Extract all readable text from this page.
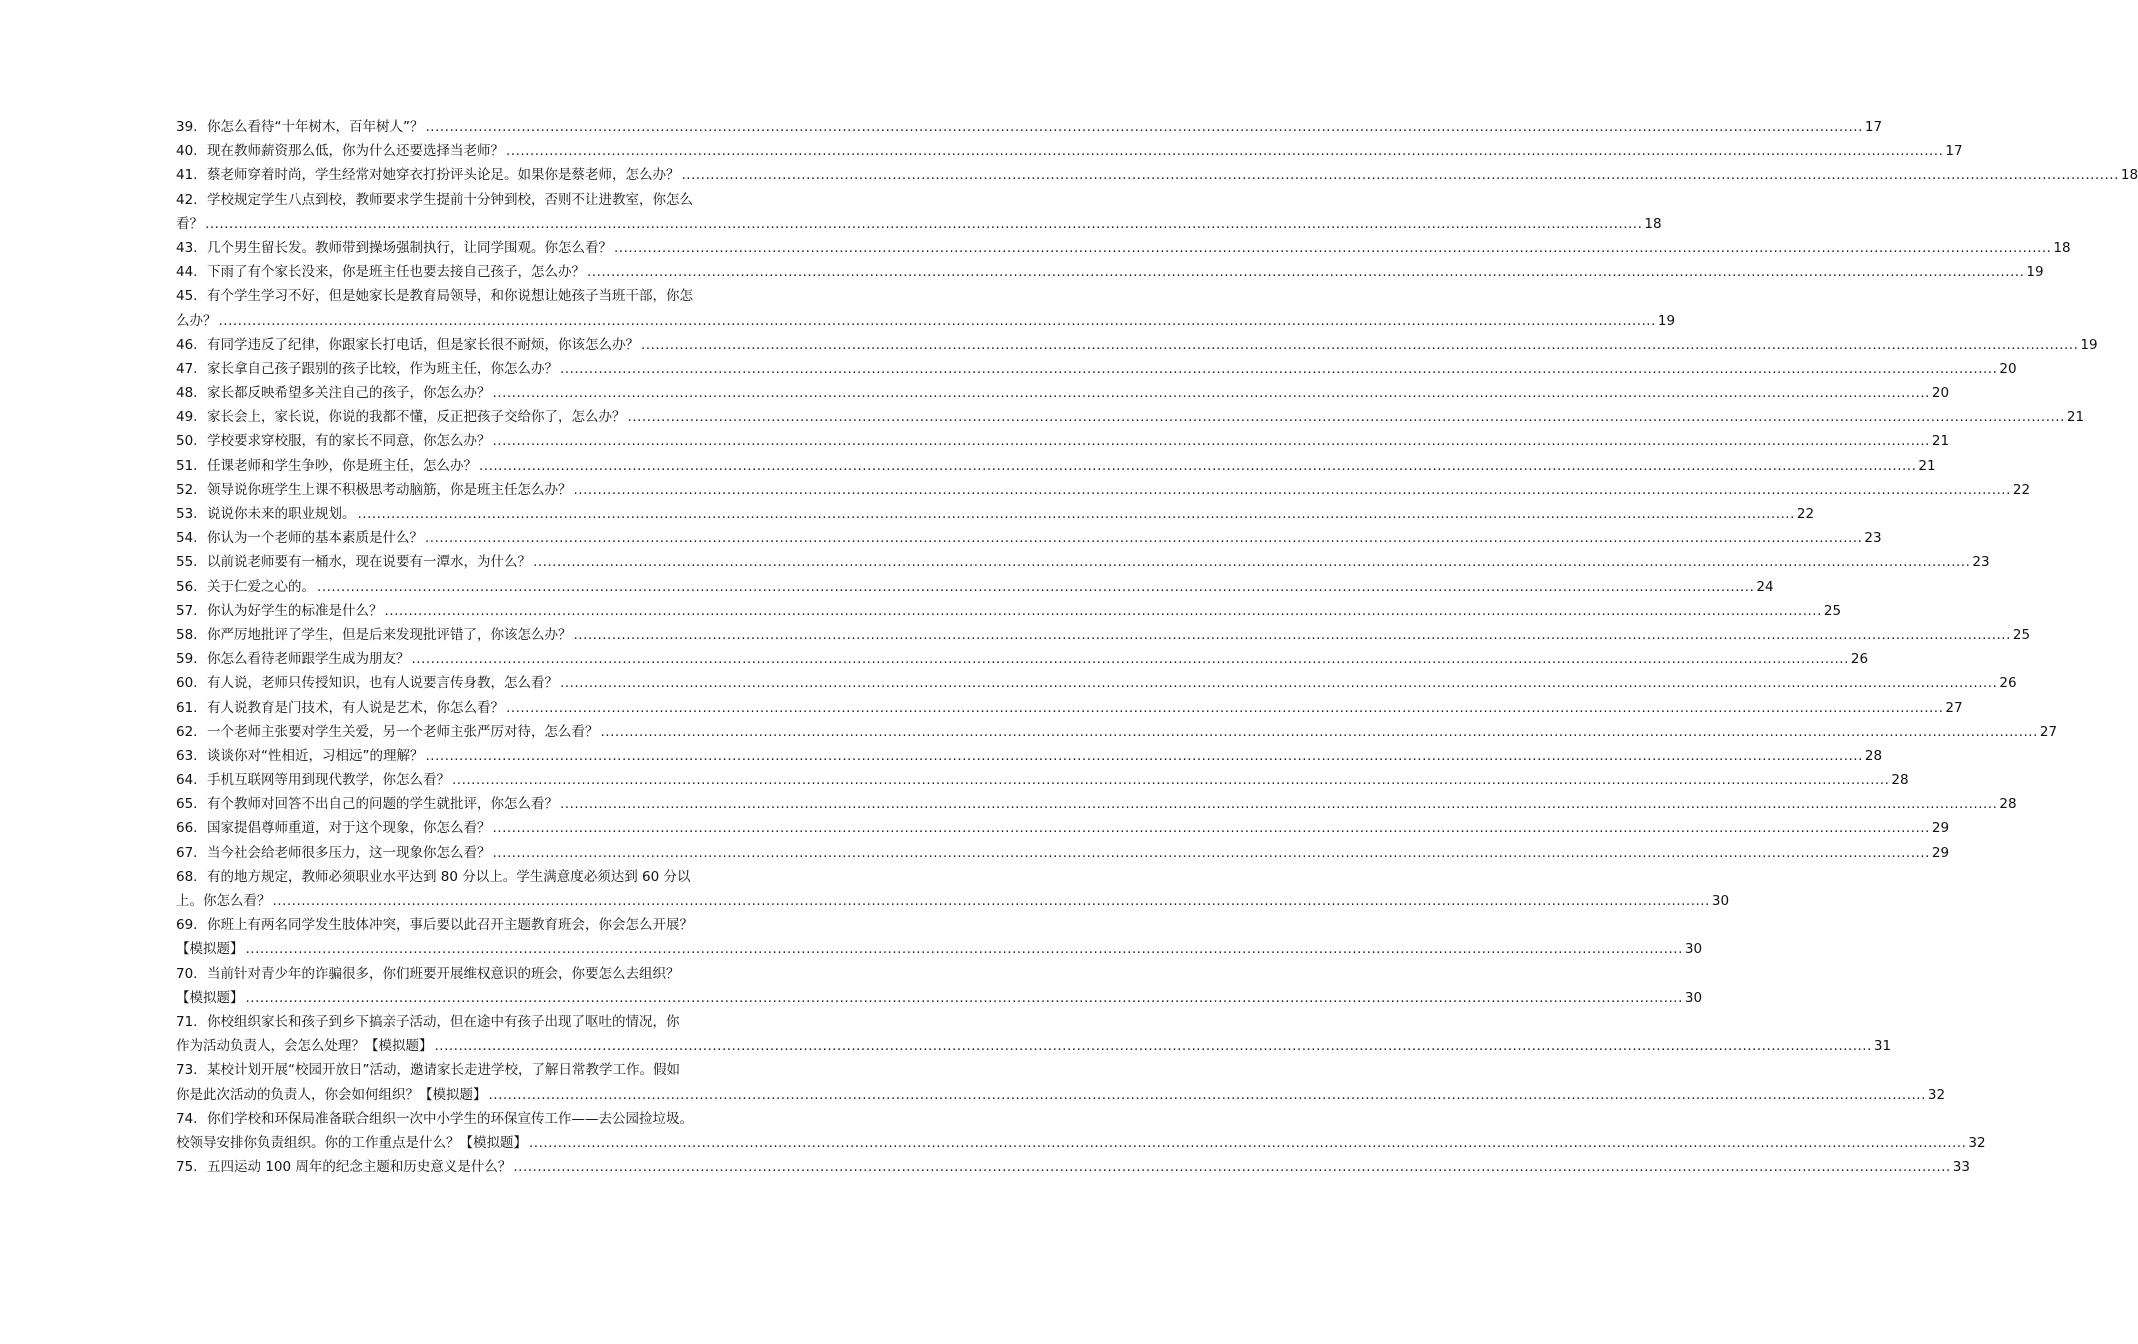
39. 你怎么看待“十年树木，百年树人”？ ............................................................................................................................................................................................................................................................................................................ 17
40. 现在教师薪资那么低，你为什么还要选择当老师？ ............................................................................................................................................................................................................................................................................................................ 17
41. 蔡老师穿着时尚，学生经常对她穿衣打扮评头论足。如果你是蔡老师，怎么办？ ............................................................................................................................................................................................................................................................................................................ 18
42. 学校规定学生八点到校，教师要求学生提前十分钟到校，否则不让进教室，你怎么
看？ ............................................................................................................................................................................................................................................................................................................ 18
43. 几个男生留长发。教师带到操场强制执行，让同学围观。你怎么看？ ............................................................................................................................................................................................................................................................................................................ 18
44. 下雨了有个家长没来，你是班主任也要去接自己孩子，怎么办？ ............................................................................................................................................................................................................................................................................................................ 19
45. 有个学生学习不好，但是她家长是教育局领导，和你说想让她孩子当班干部，你怎
么办？ ............................................................................................................................................................................................................................................................................................................ 19
46. 有同学违反了纪律，你跟家长打电话，但是家长很不耐烦，你该怎么办？ ............................................................................................................................................................................................................................................................................................................ 19
47. 家长拿自己孩子跟别的孩子比较，作为班主任，你怎么办？ ............................................................................................................................................................................................................................................................................................................ 20
48. 家长都反映希望多关注自己的孩子，你怎么办？ ............................................................................................................................................................................................................................................................................................................ 20
49. 家长会上，家长说，你说的我都不懂，反正把孩子交给你了，怎么办？ ............................................................................................................................................................................................................................................................................................................ 21
50. 学校要求穿校服，有的家长不同意，你怎么办？ ............................................................................................................................................................................................................................................................................................................ 21
51. 任课老师和学生争吵，你是班主任，怎么办？ ............................................................................................................................................................................................................................................................................................................ 21
52. 领导说你班学生上课不积极思考动脑筋，你是班主任怎么办？ ............................................................................................................................................................................................................................................................................................................ 22
53. 说说你未来的职业规划。 ............................................................................................................................................................................................................................................................................................................ 22
54. 你认为一个老师的基本素质是什么？ ............................................................................................................................................................................................................................................................................................................ 23
55. 以前说老师要有一桶水，现在说要有一潭水，为什么？ ............................................................................................................................................................................................................................................................................................................ 23
56. 关于仁爱之心的。 ............................................................................................................................................................................................................................................................................................................ 24
57. 你认为好学生的标准是什么？ ............................................................................................................................................................................................................................................................................................................ 25
58. 你严厉地批评了学生，但是后来发现批评错了，你该怎么办？ ............................................................................................................................................................................................................................................................................................................ 25
59. 你怎么看待老师跟学生成为朋友？ ............................................................................................................................................................................................................................................................................................................ 26
60. 有人说，老师只传授知识，也有人说要言传身教，怎么看？ ............................................................................................................................................................................................................................................................................................................ 26
61. 有人说教育是门技术，有人说是艺术，你怎么看？ ............................................................................................................................................................................................................................................................................................................ 27
62. 一个老师主张要对学生关爱，另一个老师主张严厉对待，怎么看？ ............................................................................................................................................................................................................................................................................................................ 27
63. 谈谈你对“性相近，习相远”的理解？ ............................................................................................................................................................................................................................................................................................................ 28
64. 手机互联网等用到现代教学，你怎么看？ ............................................................................................................................................................................................................................................................................................................ 28
65. 有个教师对回答不出自己的问题的学生就批评，你怎么看？ ............................................................................................................................................................................................................................................................................................................ 28
66. 国家提倡尊师重道，对于这个现象，你怎么看？ ............................................................................................................................................................................................................................................................................................................ 29
67. 当今社会给老师很多压力，这一现象你怎么看？ ............................................................................................................................................................................................................................................................................................................ 29
68. 有的地方规定，教师必须职业水平达到 80 分以上。学生满意度必须达到 60 分以
上。你怎么看？ ............................................................................................................................................................................................................................................................................................................ 30
69. 你班上有两名同学发生肢体冲突，事后要以此召开主题教育班会，你会怎么开展？
【模拟题】 ............................................................................................................................................................................................................................................................................................................ 30
70. 当前针对青少年的诈骗很多，你们班要开展维权意识的班会，你要怎么去组织？
【模拟题】 ............................................................................................................................................................................................................................................................................................................ 30
71. 你校组织家长和孩子到乡下搞亲子活动，但在途中有孩子出现了呕吐的情况，你
作为活动负责人，会怎么处理？【模拟题】 ............................................................................................................................................................................................................................................................................................................ 31
73. 某校计划开展“校园开放日”活动，邀请家长走进学校，了解日常教学工作。假如
你是此次活动的负责人，你会如何组织？【模拟题】 ............................................................................................................................................................................................................................................................................................................ 32
74. 你们学校和环保局准备联合组织一次中小学生的环保宣传工作——去公园捡垃圾。
校领导安排你负责组织。你的工作重点是什么？【模拟题】 ............................................................................................................................................................................................................................................................................................................ 32
75. 五四运动 100 周年的纪念主题和历史意义是什么？ ............................................................................................................................................................................................................................................................................................................ 33
